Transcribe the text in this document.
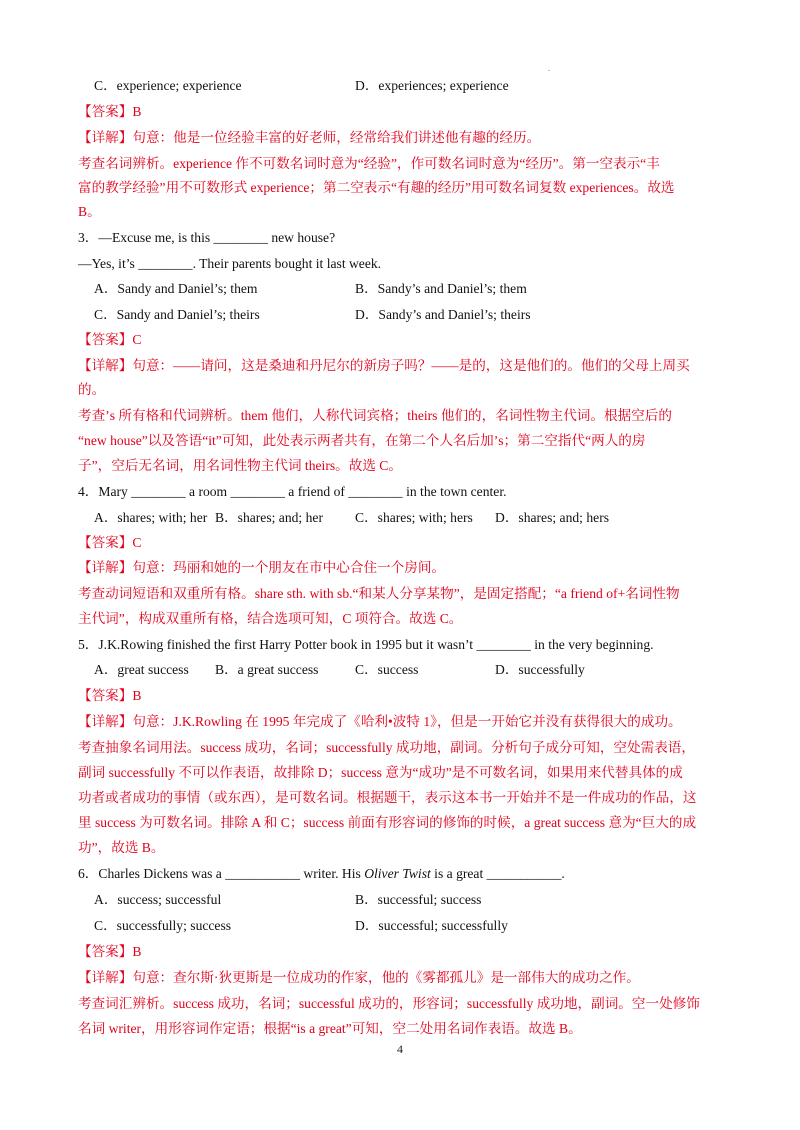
.
C．experience; experience	D．experiences; experience
【答案】B
【详解】句意：他是一位经验丰富的好老师，经常给我们讲述他有趣的经历。
考查名词辨析。experience 作不可数名词时意为“经验”，作可数名词时意为“经历”。第一空表示“丰
富的教学经验”用不可数形式 experience；第二空表示“有趣的经历”用可数名词复数 experiences。故选
B。
3．—Excuse me, is this ________ new house?
—Yes, it’s ________. Their parents bought it last week.
A．Sandy and Daniel’s; them	B．Sandy’s and Daniel’s; them
C．Sandy and Daniel’s; theirs	D．Sandy’s and Daniel’s; theirs
【答案】C
【详解】句意：——请问，这是桑迪和丹尼尔的新房子吗？——是的，这是他们的。他们的父母上周买
的。
考查’s 所有格和代词辨析。them 他们，人称代词宾格；theirs 他们的，名词性物主代词。根据空后的
“new house”以及答语“it”可知，此处表示两者共有，在第二个人名后加’s；第二空指代“两人的房
子”，空后无名词，用名词性物主代词 theirs。故选 C。
4．Mary ________ a room ________ a friend of ________ in the town center.
A．shares; with; her B．shares; and; her C．shares; with; hers D．shares; and; hers
【答案】C
【详解】句意：玛丽和她的一个朋友在市中心合住一个房间。
考查动词短语和双重所有格。share sth. with sb.“和某人分享某物”，是固定搭配；“a friend of+名词性物
主代词”，构成双重所有格，结合选项可知，C 项符合。故选 C。
5．J.K.Rowing finished the first Harry Potter book in 1995 but it wasn’t ________ in the very beginning.
A．great success B．a great success	C．success	D．successfully
【答案】B
【详解】句意：J.K.Rowling 在 1995 年完成了《哈利•波特 1》，但是一开始它并没有获得很大的成功。
考查抽象名词用法。success 成功，名词；successfully 成功地，副词。分析句子成分可知，空处需表语，
副词 successfully 不可以作表语，故排除 D；success 意为“成功”是不可数名词，如果用来代替具体的成
功者或者成功的事情（或东西），是可数名词。根据题干，表示这本书一开始并不是一件成功的作品，这
里 success 为可数名词。排除 A 和 C；success 前面有形容词的修饰的时候，a great success 意为“巨大的成
功”，故选 B。
6．Charles Dickens was a ___________ writer. His Oliver Twist is a great ___________.
A．success; successful	B．successful; success
C．successfully; success	D．successful; successfully
【答案】B
【详解】句意：查尔斯·狄更斯是一位成功的作家，他的《雾都孤儿》是一部伟大的成功之作。
考查词汇辨析。success 成功，名词；successful 成功的，形容词；successfully 成功地，副词。空一处修饰
名词 writer，用形容词作定语；根据“is a great”可知，空二处用名词作表语。故选 B。
4
